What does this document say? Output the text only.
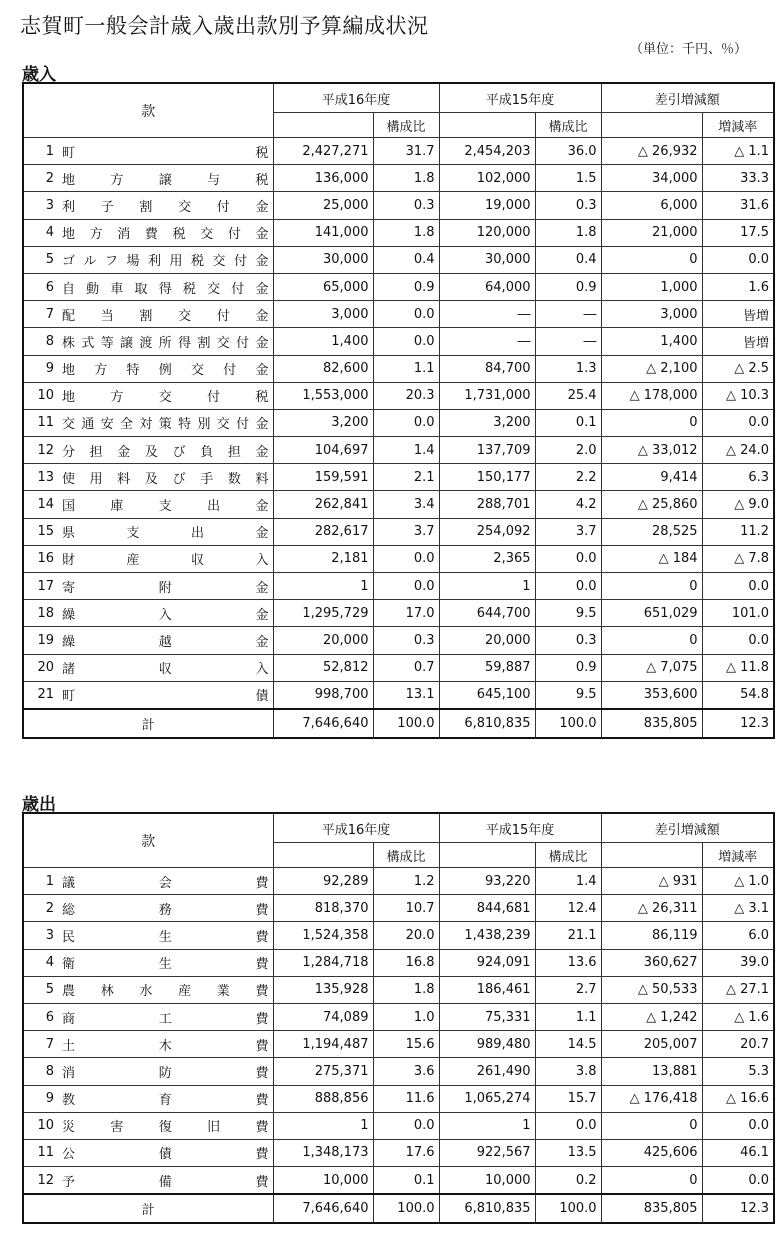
志賀町一般会計歳入歳出款別予算編成状況
（単位：千円、％）
歳入
款	平成16年度		平成15年度		差引増減額	
		構成比		構成比		増減率

1 町税	2,427,271	31.7	2,454,203	36.0	△ 26,932	△ 1.1

2 地方譲与税	136,000	1.8	102,000	1.5	34,000	33.3

3 利子割交付金	25,000	0.3	19,000	0.3	6,000	31.6

4 地方消費税交付金	141,000	1.8	120,000	1.8	21,000	17.5

5 ゴルフ場利用税交付金	30,000	0.4	30,000	0.4	0	0.0

6 自動車取得税交付金	65,000	0.9	64,000	0.9	1,000	1.6

7 配当割交付金	3,000	0.0	―	―	3,000	皆増

8 株式等譲渡所得割交付金	1,400	0.0	―	―	1,400	皆増

9 地方特例交付金	82,600	1.1	84,700	1.3	△ 2,100	△ 2.5

10 地方交付税	1,553,000	20.3	1,731,000	25.4	△ 178,000	△ 10.3

11 交通安全対策特別交付金	3,200	0.0	3,200	0.1	0	0.0

12 分担金及び負担金	104,697	1.4	137,709	2.0	△ 33,012	△ 24.0

13 使用料及び手数料	159,591	2.1	150,177	2.2	9,414	6.3

14 国庫支出金	262,841	3.4	288,701	4.2	△ 25,860	△ 9.0

15 県支出金	282,617	3.7	254,092	3.7	28,525	11.2

16 財産収入	2,181	0.0	2,365	0.0	△ 184	△ 7.8

17 寄附金	1	0.0	1	0.0	0	0.0

18 繰入金	1,295,729	17.0	644,700	9.5	651,029	101.0

19 繰越金	20,000	0.3	20,000	0.3	0	0.0

20 諸収入	52,812	0.7	59,887	0.9	△ 7,075	△ 11.8

21 町債	998,700	13.1	645,100	9.5	353,600	54.8
計	7,646,640	100.0	6,810,835	100.0	835,805	12.3
歳出
款	平成16年度		平成15年度		差引増減額	
		構成比		構成比		増減率

1 議会費	92,289	1.2	93,220	1.4	△ 931	△ 1.0

2 総務費	818,370	10.7	844,681	12.4	△ 26,311	△ 3.1

3 民生費	1,524,358	20.0	1,438,239	21.1	86,119	6.0

4 衛生費	1,284,718	16.8	924,091	13.6	360,627	39.0

5 農林水産業費	135,928	1.8	186,461	2.7	△ 50,533	△ 27.1

6 商工費	74,089	1.0	75,331	1.1	△ 1,242	△ 1.6

7 土木費	1,194,487	15.6	989,480	14.5	205,007	20.7

8 消防費	275,371	3.6	261,490	3.8	13,881	5.3

9 教育費	888,856	11.6	1,065,274	15.7	△ 176,418	△ 16.6

10 災害復旧費	1	0.0	1	0.0	0	0.0

11 公債費	1,348,173	17.6	922,567	13.5	425,606	46.1

12 予備費	10,000	0.1	10,000	0.2	0	0.0
計	7,646,640	100.0	6,810,835	100.0	835,805	12.3
